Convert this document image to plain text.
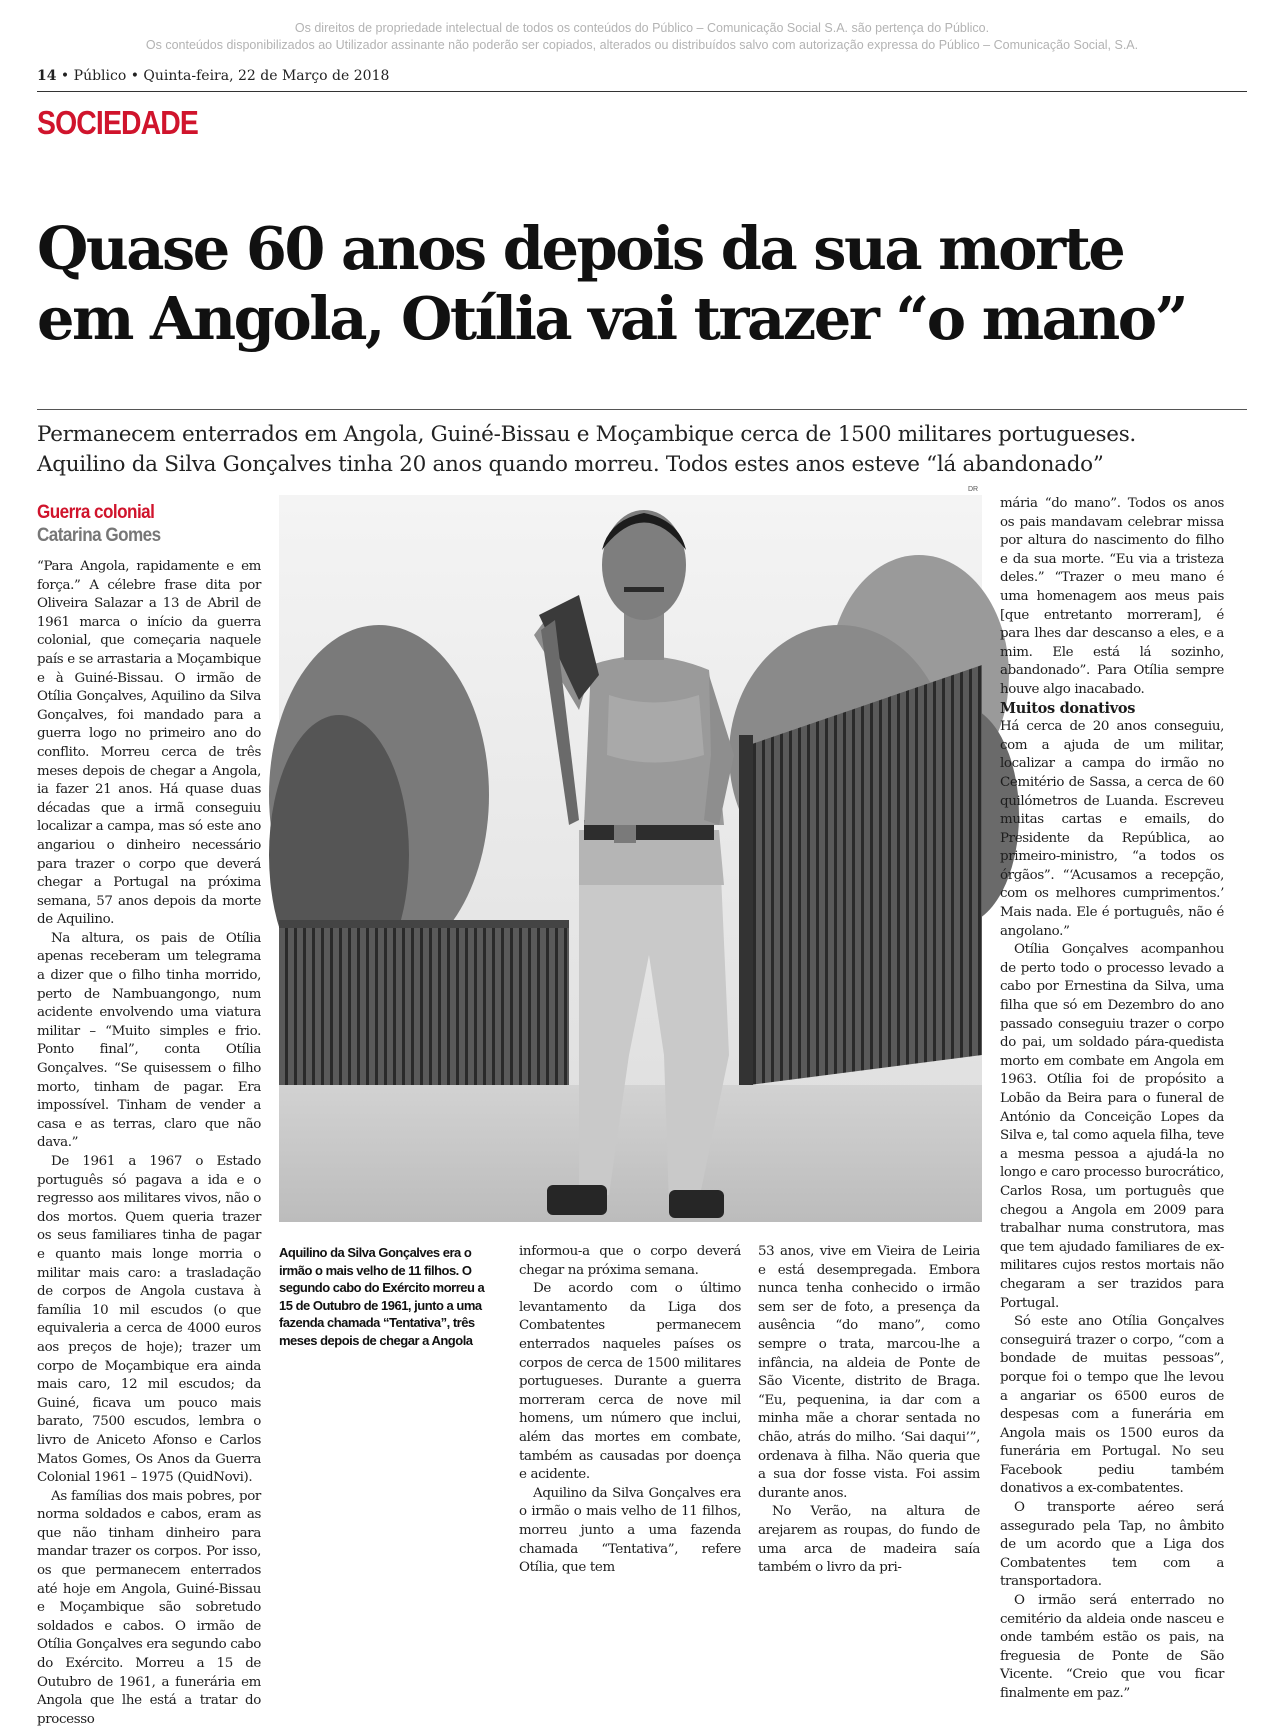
Os direitos de propriedade intelectual de todos os conteúdos do Público – Comunicação Social S.A. são pertença do Público.
Os conteúdos disponibilizados ao Utilizador assinante não poderão ser copiados, alterados ou distribuídos salvo com autorização expressa do Público – Comunicação Social, S.A.
14 • Público • Quinta-feira, 22 de Março de 2018
SOCIEDADE
Quase 60 anos depois da sua morte
em Angola, Otília vai trazer “o mano”
Permanecem enterrados em Angola, Guiné-Bissau e Moçambique cerca de 1500 militares portugueses.
Aquilino da Silva Gonçalves tinha 20 anos quando morreu. Todos estes anos esteve “lá abandonado”
Guerra colonial
Catarina Gomes

“Para Angola, rapidamente e em força.” A célebre frase dita por Oliveira Salazar a 13 de Abril de 1961 marca o início da guerra colonial, que começaria naquele país e se arrastaria a Moçambique e à Guiné-Bissau. O irmão de Otília Gonçalves, Aquilino da Silva Gonçalves, foi mandado para a guerra logo no primeiro ano do conflito. Morreu cerca de três meses depois de chegar a Angola, ia fazer 21 anos. Há quase duas décadas que a irmã conseguiu localizar a campa, mas só este ano angariou o dinheiro necessário para trazer o corpo que deverá chegar a Portugal na próxima semana, 57 anos depois da morte de Aquilino.

Na altura, os pais de Otília apenas receberam um telegrama a dizer que o filho tinha morrido, perto de Nambuangongo, num acidente envolvendo uma viatura militar – “Muito simples e frio. Ponto final”, conta Otília Gonçalves. “Se quisessem o filho morto, tinham de pagar. Era impossível. Tinham de vender a casa e as terras, claro que não dava.”

De 1961 a 1967 o Estado português só pagava a ida e o regresso aos militares vivos, não o dos mortos. Quem queria trazer os seus familiares tinha de pagar e quanto mais longe morria o militar mais caro: a trasladação de corpos de Angola custava à família 10 mil escudos (o que equivaleria a cerca de 4000 euros aos preços de hoje); trazer um corpo de Moçambique era ainda mais caro, 12 mil escudos; da Guiné, ficava um pouco mais barato, 7500 escudos, lembra o livro de Aniceto Afonso e Carlos Matos Gomes, Os Anos da Guerra Colonial 1961 – 1975 (QuidNovi).

As famílias dos mais pobres, por norma soldados e cabos, eram as que não tinham dinheiro para mandar trazer os corpos. Por isso, os que permanecem enterrados até hoje em Angola, Guiné-Bissau e Moçambique são sobretudo soldados e cabos. O irmão de Otília Gonçalves era segundo cabo do Exército. Morreu a 15 de Outubro de 1961, a funerária em Angola que lhe está a tratar do processo

DR
Aquilino da Silva Gonçalves era o irmão o mais velho de 11 filhos. O segundo cabo do Exército morreu a 15 de Outubro de 1961, junto a uma fazenda chamada “Tentativa”, três meses depois de chegar a Angola

informou-a que o corpo deverá chegar na próxima semana.

De acordo com o último levantamento da Liga dos Combatentes permanecem enterrados naqueles países os corpos de cerca de 1500 militares portugueses. Durante a guerra morreram cerca de nove mil homens, um número que inclui, além das mortes em combate, também as causadas por doença e acidente.

Aquilino da Silva Gonçalves era o irmão o mais velho de 11 filhos, morreu junto a uma fazenda chamada “Tentativa”, refere Otília, que tem

53 anos, vive em Vieira de Leiria e está desempregada. Embora nunca tenha conhecido o irmão sem ser de foto, a presença da ausência “do mano”, como sempre o trata, marcou-lhe a infância, na aldeia de Ponte de São Vicente, distrito de Braga. “Eu, pequenina, ia dar com a minha mãe a chorar sentada no chão, atrás do milho. ‘Sai daqui’”, ordenava à filha. Não queria que a sua dor fosse vista. Foi assim durante anos.

No Verão, na altura de arejarem as roupas, do fundo de uma arca de madeira saía também o livro da pri-

mária “do mano”. Todos os anos os pais mandavam celebrar missa por altura do nascimento do filho e da sua morte. “Eu via a tristeza deles.” “Trazer o meu mano é uma homenagem aos meus pais [que entretanto morreram], é para lhes dar descanso a eles, e a mim. Ele está lá sozinho, abandonado”. Para Otília sempre houve algo inacabado.

Muitos donativos

Há cerca de 20 anos conseguiu, com a ajuda de um militar, localizar a campa do irmão no Cemitério de Sassa, a cerca de 60 quilómetros de Luanda. Escreveu muitas cartas e emails, do Presidente da República, ao primeiro-ministro, “a todos os órgãos”. “‘Acusamos a recepção, com os melhores cumprimentos.’ Mais nada. Ele é português, não é angolano.”

Otília Gonçalves acompanhou de perto todo o processo levado a cabo por Ernestina da Silva, uma filha que só em Dezembro do ano passado conseguiu trazer o corpo do pai, um soldado pára-quedista morto em combate em Angola em 1963. Otília foi de propósito a Lobão da Beira para o funeral de António da Conceição Lopes da Silva e, tal como aquela filha, teve a mesma pessoa a ajudá-la no longo e caro processo burocrático, Carlos Rosa, um português que chegou a Angola em 2009 para trabalhar numa construtora, mas que tem ajudado familiares de ex-militares cujos restos mortais não chegaram a ser trazidos para Portugal.

Só este ano Otília Gonçalves conseguirá trazer o corpo, “com a bondade de muitas pessoas”, porque foi o tempo que lhe levou a angariar os 6500 euros de despesas com a funerária em Angola mais os 1500 euros da funerária em Portugal. No seu Facebook pediu também donativos a ex-combatentes.

O transporte aéreo será assegurado pela Tap, no âmbito de um acordo que a Liga dos Combatentes tem com a transportadora.

O irmão será enterrado no cemitério da aldeia onde nasceu e onde também estão os pais, na freguesia de Ponte de São Vicente. “Creio que vou ficar finalmente em paz.”
